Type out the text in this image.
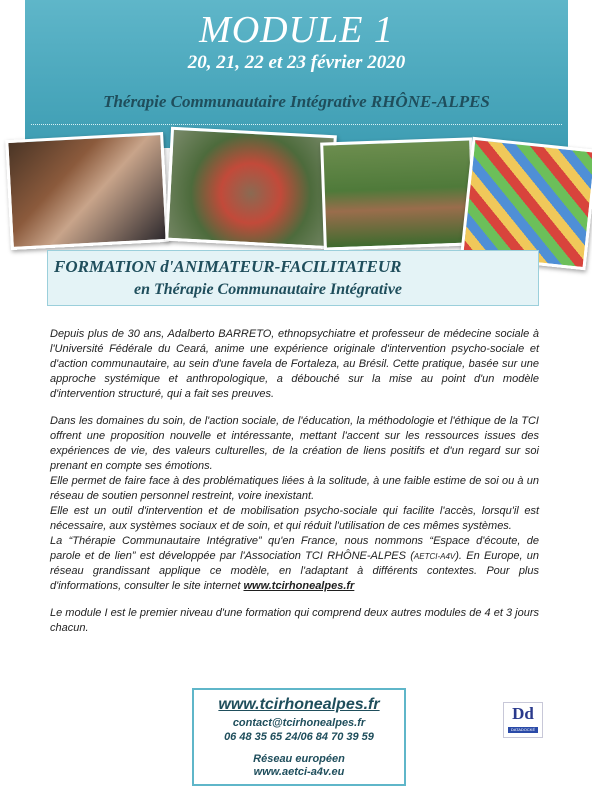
MODULE 1
20, 21, 22 et 23 février 2020
Thérapie Communautaire Intégrative RHÔNE-ALPES
FORMATION d'ANIMATEUR-FACILITATEUR
en Thérapie Communautaire Intégrative

Depuis plus de 30 ans, Adalberto BARRETO, ethnopsychiatre et professeur de médecine sociale à l'Université Fédérale du Ceará, anime une expérience originale d'intervention psycho-sociale et d'action communautaire, au sein d'une favela de Fortaleza, au Brésil. Cette pratique, basée sur une approche systémique et anthropologique, a débouché sur la mise au point d'un modèle d'intervention structuré, qui a fait ses preuves.

Dans les domaines du soin, de l'action sociale, de l'éducation, la méthodologie et l'éthique de la TCI offrent une proposition nouvelle et intéressante, mettant l'accent sur les ressources issues des expériences de vie, des valeurs culturelles, de la création de liens positifs et d'un regard sur soi prenant en compte ses émotions.

Elle permet de faire face à des problématiques liées à la solitude, à une faible estime de soi ou à un réseau de soutien personnel restreint, voire inexistant.

Elle est un outil d'intervention et de mobilisation psycho-sociale qui facilite l'accès, lorsqu'il est nécessaire, aux systèmes sociaux et de soin, et qui réduit l'utilisation de ces mêmes systèmes.

La “Thérapie Communautaire Intégrative” qu'en France, nous nommons “Espace d'écoute, de parole et de lien” est développée par l'Association TCI RHÔNE-ALPES (AETCI-A4V). En Europe, un réseau grandissant applique ce modèle, en l'adaptant à différents contextes. Pour plus d'informations, consulter le site internet www.tcirhonealpes.fr

Le module I est le premier niveau d'une formation qui comprend deux autres modules de 4 et 3 jours chacun.

www.tcirhonealpes.fr
contact@tcirhonealpes.fr
06 48 35 65 24/06 84 70 39 59
Réseau européen
www.aetci-a4v.eu
Dd
DATADOCKÉ
